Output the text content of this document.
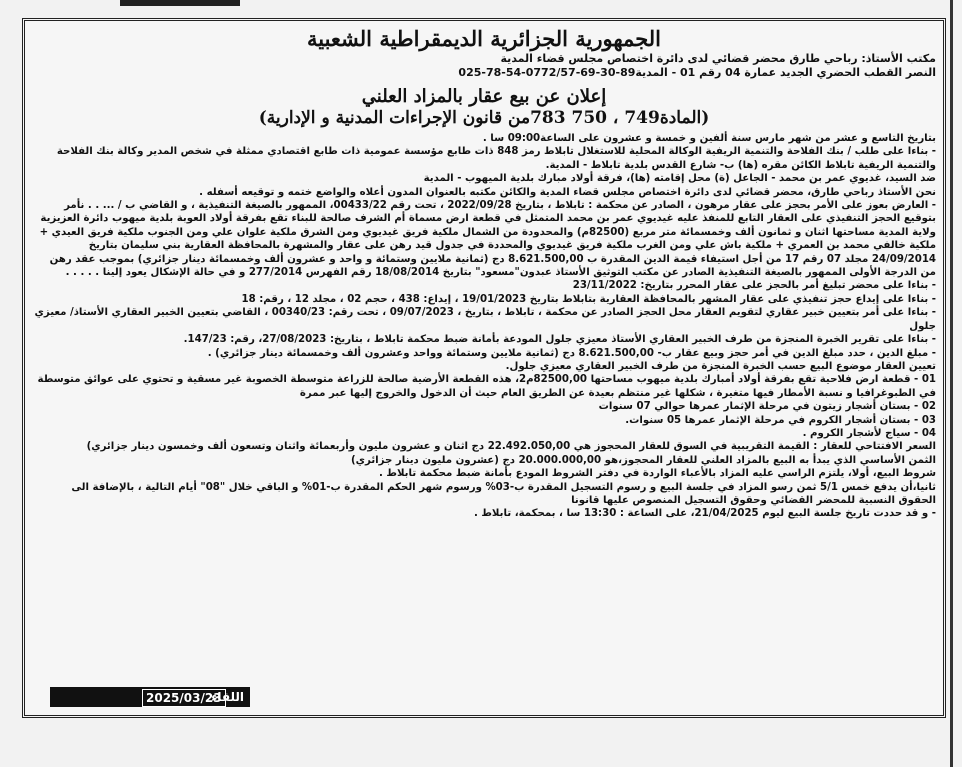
الجمهورية الجزائرية الديمقراطية الشعبية

مكتب الأستاذ: رباحي طارق محضر قضائي لدى دائرة اختصاص مجلس قضاء المدية

النصر القطب الحضري الجديد عمارة 04 رقم 01 - المدية89-30-69-0772/57-54-78-025

إعلان عن بيع عقار بالمزاد العلني

(المادة749 ، 750 783من قانون الإجراءات المدنية و الإدارية)

بتاريخ التاسع و عشر من شهر مارس سنة ألفين و خمسة و عشرون على الساعة09:00 سا .

- بناءا على طلب / بنك الفلاحة والتنمية الريفية الوكالة المحلية للاستغلال تابلاط رمز 848 ذات طابع مؤسسة عمومية ذات طابع اقتصادي ممثلة في شخص المدير وكالة بنك الفلاحة والتنمية الريفية تابلاط الكائن مقره (ها) ب- شارع القدس بلدية تابلاط - المدية.

ضد السيد، غديوي عمر بن محمد - الجاعل (ة) محل إقامته (ها)، فرقة أولاد مبارك بلدية الميهوب - المدية

نحن الأستاذ رباحي طارق، محضر قضائي لدى دائرة اختصاص مجلس قضاء المدية والكائن مكتبه بالعنوان المدون أعلاه والواضع ختمه و توقيعه أسفله .

- العارض بعوز على الأمر بحجز على عقار مرهون ، الصادر عن محكمة : تابلاط ، بتاريخ 2022/09/28 ، تحت رقم 00433/22، الممهور بالصيغة التنفيذية ، و القاضي ب / ... . . نأمر بتوقيع الحجز التنفيذي على العقار التابع للمنفذ عليه غيديوي عمر بن محمد المتمثل في قطعة ارض مسماة أم الشرف صالحة للبناء تقع بفرقة أولاد العوبة بلدية ميهوب دائرة العزيزية ولاية المدية مساحتها اثنان و ثمانون ألف وخمسمائة متر مربع (82500م) والمحدودة من الشمال ملكية فريق غيديوي ومن الشرق ملكية علوان علي ومن الجنوب ملكية فريق العيدي + ملكية خالفي محمد بن العمري + ملكية باش علي ومن الغرب ملكية فريق غيديوي والمحددة في جدول قيد رهن على عقار والمشهرة بالمحافظة العقارية بني سليمان بتاريخ 24/09/2014 مجلد 07 رقم 17 من أجل استيفاء قيمة الدين المقدرة ب 8.621.500,00 دج (ثمانية ملايين وستمائة و واحد و عشرون ألف وخمسمائة دينار جزائري) بموجب عقد رهن من الدرجة الأولى الممهور بالصيغة التنفيذية الصادر عن مكتب التوثيق الأستاذ عبدون"مسعود" بتاريخ 18/08/2014 رقم الفهرس 277/2014 و في حالة الإشكال يعود إلينا . . . . .

- بناءا على محضر تبليغ أمر بالحجز على عقار المحرر بتاريخ: 23/11/2022

- بناءا على إيداع حجز تنفيذي على عقار المشهر بالمحافظة العقارية بتابلاط بتاريخ 19/01/2023 ، إيداع: 438 ، حجم 02 ، مجلد 12 ، رقم: 18

- بناءا على أمر بتعيين خبير عقاري لتقويم العقار محل الحجز الصادر عن محكمة ، تابلاط ، بتاريخ ، 09/07/2023 ، تحت رقم: 00340/23 ، القاضي بتعيين الخبير العقاري الأستاذ/ معيزي جلول

- بناءا على تقرير الخبرة المنجزة من طرف الخبير العقاري الأستاذ معيزي جلول المودعة بأمانة ضبط محكمة تابلاط ، بتاريخ: 27/08/2023، رقم: 147/23.

- مبلغ الدين ، حدد مبلغ الدين في أمر حجز وبيع عقار ب- 8.621.500,00 دج (ثمانية ملايين وستمائة وواحد وعشرون ألف وخمسمائة دينار جزائري) .

تعيين العقار موضوع البيع حسب الخبرة المنجزة من طرف الخبير العقاري معيزي جلول.

01 - قطعة ارض فلاحية تقع بفرقة أولاد أمبارك بلدية ميهوب مساحتها 82500,00م2، هذه القطعة الأرضية صالحة للزراعة متوسطة الخصوبة غير مسقية و تحتوي على عوائق متوسطة في الطبوغرافيا و نسبة الأمطار فيها متغيرة ، شكلها غير منتظم بعيدة عن الطريق العام حيث أن الدخول والخروج إليها عبر ممرة

02 - بستان أشجار زيتون في مرحلة الإثمار عمرها حوالي 07 سنوات

03 - بستان أشجار الكروم في مرحلة الإثمار عمرها 05 سنوات.

04 - سياج لأشجار الكروم .

السعر الافتتاحي للعقار : القيمة التقريبية في السوق للعقار المحجوز هي 22.492.050,00 دج اثنان و عشرون مليون وأربعمائة واثنان وتسعون ألف وخمسون دينار جزائري)

الثمن الأساسي الذي يبدأ به البيع بالمزاد العلني للعقار المحجوز،هو 20.000.000,00 دج (عشرون مليون دينار جزائري)

شروط البيع، أولا، يلتزم الراسي عليه المزاد بالأعباء الواردة في دفتر الشروط المودع بأمانة ضبط محكمة تابلاط .

ثانيا،أن يدفع خمس 5/1 ثمن رسو المزاد في جلسة البيع و رسوم التسجيل المقدرة ب-03% ورسوم شهر الحكم المقدرة ب-01% و الباقي خلال "08" أيام التالية ، بالإضافة الى الحقوق النسبية للمحضر القضائي وحقوق التسجيل المنصوص عليها قانونا

- و قد حددت تاريخ جلسة البيع ليوم 21/04/2025، على الساعة : 13:30 سا ، بمحكمة، تابلاط .

اللقاء
2025/03/23
